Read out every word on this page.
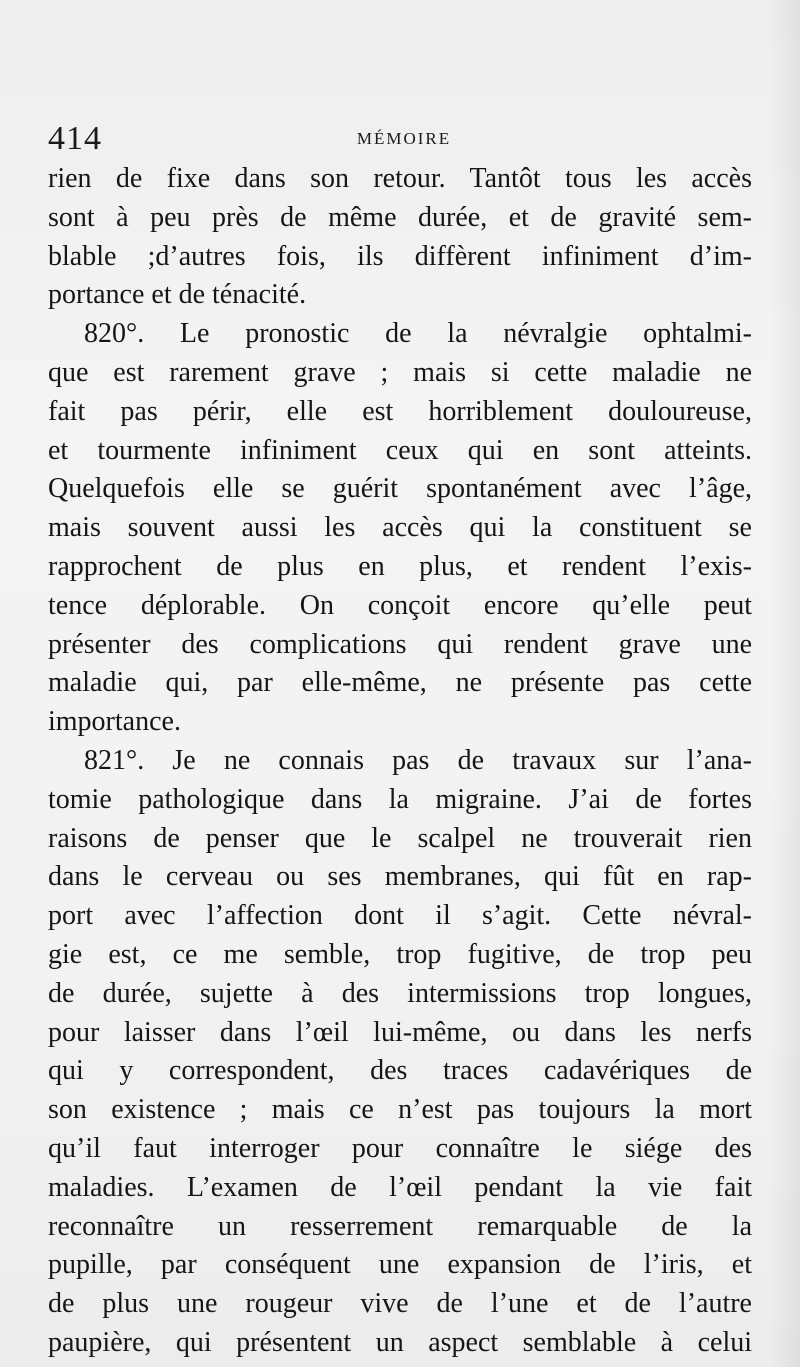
414	MÉMOIRE
rien de fixe dans son retour. Tantôt tous les accès
sont à peu près de même durée, et de gravité sem-
blable ;d’autres fois, ils diffèrent infiniment d’im-
portance et de ténacité.
820°. Le pronostic de la névralgie ophtalmi-
que est rarement grave ; mais si cette maladie ne
fait pas périr, elle est horriblement douloureuse,
et tourmente infiniment ceux qui en sont atteints.
Quelquefois elle se guérit spontanément avec l’âge,
mais souvent aussi les accès qui la constituent se
rapprochent de plus en plus, et rendent l’exis-
tence déplorable. On conçoit encore qu’elle peut
présenter des complications qui rendent grave une
maladie qui, par elle-même, ne présente pas cette
importance.
821°. Je ne connais pas de travaux sur l’ana-
tomie pathologique dans la migraine. J’ai de fortes
raisons de penser que le scalpel ne trouverait rien
dans le cerveau ou ses membranes, qui fût en rap-
port avec l’affection dont il s’agit. Cette névral-
gie est, ce me semble, trop fugitive, de trop peu
de durée, sujette à des intermissions trop longues,
pour laisser dans l’œil lui-même, ou dans les nerfs
qui y correspondent, des traces cadavériques de
son existence ; mais ce n’est pas toujours la mort
qu’il faut interroger pour connaître le siége des
maladies. L’examen de l’œil pendant la vie fait
reconnaître un resserrement remarquable de la
pupille, par conséquent une expansion de l’iris, et
de plus une rougeur vive de l’une et de l’autre
paupière, qui présentent un aspect semblable à celui
